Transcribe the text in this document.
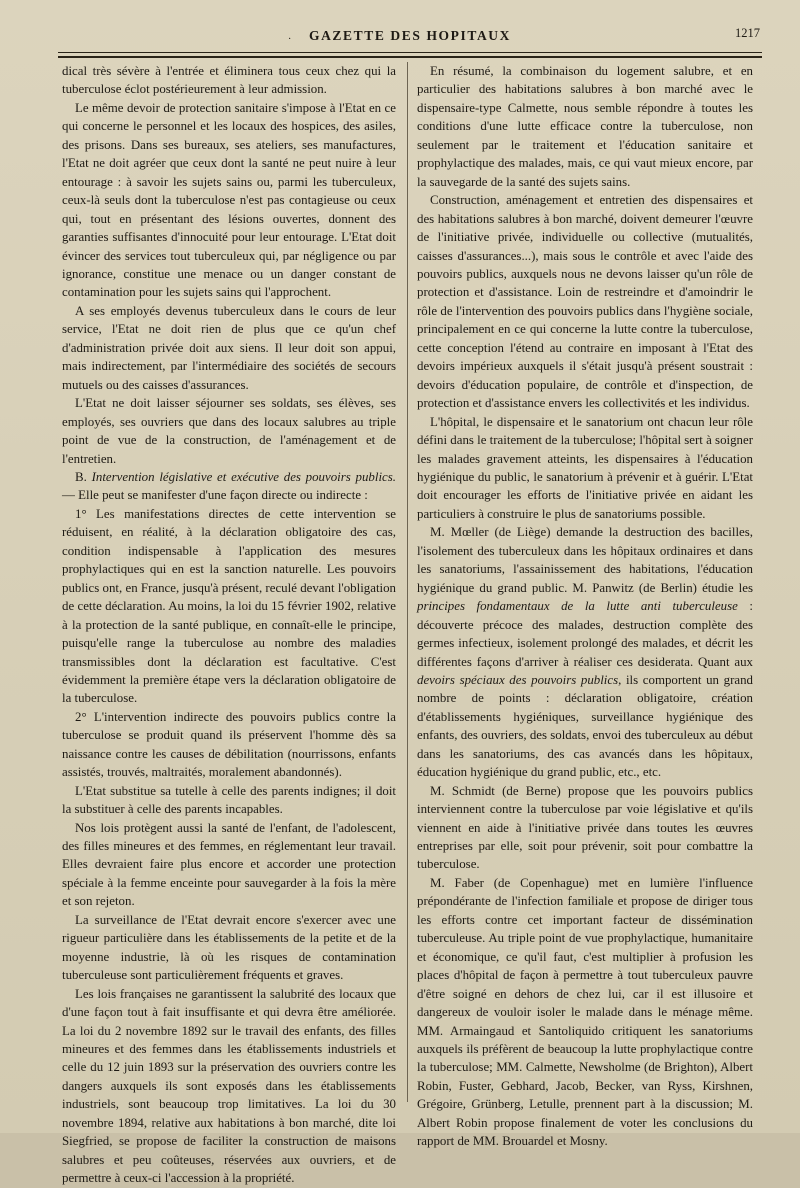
·	GAZETTE DES HOPITAUX	1217

dical très sévère à l'entrée et éliminera tous ceux chez qui la tuberculose éclot postérieurement à leur admission.

Le même devoir de protection sanitaire s'impose à l'Etat en ce qui concerne le personnel et les locaux des hospices, des asiles, des prisons. Dans ses bureaux, ses ateliers, ses manufactures, l'Etat ne doit agréer que ceux dont la santé ne peut nuire à leur entourage : à savoir les sujets sains ou, parmi les tuberculeux, ceux-là seuls dont la tuberculose n'est pas contagieuse ou ceux qui, tout en présentant des lésions ouvertes, donnent des garanties suffisantes d'innocuité pour leur entourage. L'Etat doit évincer des services tout tuberculeux qui, par négligence ou par ignorance, constitue une menace ou un danger constant de contamination pour les sujets sains qui l'approchent.

A ses employés devenus tuberculeux dans le cours de leur service, l'Etat ne doit rien de plus que ce qu'un chef d'administration privée doit aux siens. Il leur doit son appui, mais indirectement, par l'intermédiaire des sociétés de secours mutuels ou des caisses d'assurances.

L'Etat ne doit laisser séjourner ses soldats, ses élèves, ses employés, ses ouvriers que dans des locaux salubres au triple point de vue de la construction, de l'aménagement et de l'entretien.

B. Intervention législative et exécutive des pouvoirs publics. — Elle peut se manifester d'une façon directe ou indirecte :

1° Les manifestations directes de cette intervention se réduisent, en réalité, à la déclaration obligatoire des cas, condition indispensable à l'application des mesures prophylactiques qui en est la sanction naturelle. Les pouvoirs publics ont, en France, jusqu'à présent, reculé devant l'obligation de cette déclaration. Au moins, la loi du 15 février 1902, relative à la protection de la santé publique, en connaît-elle le principe, puisqu'elle range la tuberculose au nombre des maladies transmissibles dont la déclaration est facultative. C'est évidemment la première étape vers la déclaration obligatoire de la tuberculose.

2° L'intervention indirecte des pouvoirs publics contre la tuberculose se produit quand ils préservent l'homme dès sa naissance contre les causes de débilitation (nourrissons, enfants assistés, trouvés, maltraités, moralement abandonnés).

L'Etat substitue sa tutelle à celle des parents indignes; il doit la substituer à celle des parents incapables.

Nos lois protègent aussi la santé de l'enfant, de l'adolescent, des filles mineures et des femmes, en réglementant leur travail. Elles devraient faire plus encore et accorder une protection spéciale à la femme enceinte pour sauvegarder à la fois la mère et son rejeton.

La surveillance de l'Etat devrait encore s'exercer avec une rigueur particulière dans les établissements de la petite et de la moyenne industrie, là où les risques de contamination tuberculeuse sont particulièrement fréquents et graves.

Les lois françaises ne garantissent la salubrité des locaux que d'une façon tout à fait insuffisante et qui devra être améliorée. La loi du 2 novembre 1892 sur le travail des enfants, des filles mineures et des femmes dans les établissements industriels et celle du 12 juin 1893 sur la préservation des ouvriers contre les dangers auxquels ils sont exposés dans les établissements industriels, sont beaucoup trop limitatives. La loi du 30 novembre 1894, relative aux habitations à bon marché, dite loi Siegfried, se propose de faciliter la construction de maisons salubres et peu coûteuses, réservées aux ouvriers, et de permettre à ceux-ci l'accession à la propriété.

En résumé, la combinaison du logement salubre, et en particulier des habitations salubres à bon marché avec le dispensaire-type Calmette, nous semble répondre à toutes les conditions d'une lutte efficace contre la tuberculose, non seulement par le traitement et l'éducation sanitaire et prophylactique des malades, mais, ce qui vaut mieux encore, par la sauvegarde de la santé des sujets sains.

Construction, aménagement et entretien des dispensaires et des habitations salubres à bon marché, doivent demeurer l'œuvre de l'initiative privée, individuelle ou collective (mutualités, caisses d'assurances...), mais sous le contrôle et avec l'aide des pouvoirs publics, auxquels nous ne devons laisser qu'un rôle de protection et d'assistance. Loin de restreindre et d'amoindrir le rôle de l'intervention des pouvoirs publics dans l'hygiène sociale, principalement en ce qui concerne la lutte contre la tuberculose, cette conception l'étend au contraire en imposant à l'Etat des devoirs impérieux auxquels il s'était jusqu'à présent soustrait : devoirs d'éducation populaire, de contrôle et d'inspection, de protection et d'assistance envers les collectivités et les individus.

L'hôpital, le dispensaire et le sanatorium ont chacun leur rôle défini dans le traitement de la tuberculose; l'hôpital sert à soigner les malades gravement atteints, les dispensaires à l'éducation hygiénique du public, le sanatorium à prévenir et à guérir. L'Etat doit encourager les efforts de l'initiative privée en aidant les particuliers à construire le plus de sanatoriums possible.

M. Mœller (de Liège) demande la destruction des bacilles, l'isolement des tuberculeux dans les hôpitaux ordinaires et dans les sanatoriums, l'assainissement des habitations, l'éducation hygiénique du grand public. M. Panwitz (de Berlin) étudie les principes fondamentaux de la lutte anti tuberculeuse : découverte précoce des malades, destruction complète des germes infectieux, isolement prolongé des malades, et décrit les différentes façons d'arriver à réaliser ces desiderata. Quant aux devoirs spéciaux des pouvoirs publics, ils comportent un grand nombre de points : déclaration obligatoire, création d'établissements hygiéniques, surveillance hygiénique des enfants, des ouvriers, des soldats, envoi des tuberculeux au début dans les sanatoriums, des cas avancés dans les hôpitaux, éducation hygiénique du grand public, etc., etc.

M. Schmidt (de Berne) propose que les pouvoirs publics interviennent contre la tuberculose par voie législative et qu'ils viennent en aide à l'initiative privée dans toutes les œuvres entreprises par elle, soit pour prévenir, soit pour combattre la tuberculose.

M. Faber (de Copenhague) met en lumière l'influence prépondérante de l'infection familiale et propose de diriger tous les efforts contre cet important facteur de dissémination tuberculeuse. Au triple point de vue prophylactique, humanitaire et économique, ce qu'il faut, c'est multiplier à profusion les places d'hôpital de façon à permettre à tout tuberculeux pauvre d'être soigné en dehors de chez lui, car il est illusoire et dangereux de vouloir isoler le malade dans le ménage même. MM. Armaingaud et Santoliquido critiquent les sanatoriums auxquels ils préfèrent de beaucoup la lutte prophylactique contre la tuberculose; MM. Calmette, Newsholme (de Brighton), Albert Robin, Fuster, Gebhard, Jacob, Becker, van Ryss, Kirshnen, Grégoire, Grünberg, Letulle, prennent part à la discussion; M. Albert Robin propose finalement de voter les conclusions du rapport de MM. Brouardel et Mosny.
